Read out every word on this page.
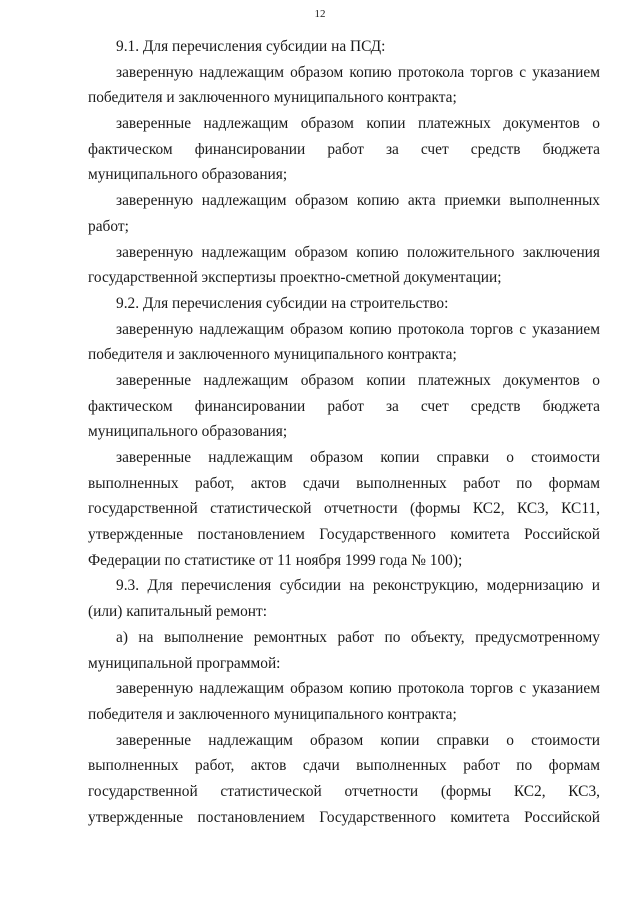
12
9.1. Для перечисления субсидии на ПСД:
заверенную надлежащим образом копию протокола торгов с указанием
победителя и заключенного муниципального контракта;
заверенные надлежащим образом копии платежных документов о
фактическом финансировании работ за счет средств бюджета
муниципального образования;
заверенную надлежащим образом копию акта приемки выполненных
работ;
заверенную надлежащим образом копию положительного заключения
государственной экспертизы проектно-сметной документации;
9.2. Для перечисления субсидии на строительство:
заверенную надлежащим образом копию протокола торгов с указанием
победителя и заключенного муниципального контракта;
заверенные надлежащим образом копии платежных документов о
фактическом финансировании работ за счет средств бюджета
муниципального образования;
заверенные надлежащим образом копии справки о стоимости
выполненных работ, актов сдачи выполненных работ по формам
государственной статистической отчетности (формы КС2, КС3, КС11,
утвержденные постановлением Государственного комитета Российской
Федерации по статистике от 11 ноября 1999 года № 100);
9.3. Для перечисления субсидии на реконструкцию, модернизацию и
(или) капитальный ремонт:
а) на выполнение ремонтных работ по объекту, предусмотренному
муниципальной программой:
заверенную надлежащим образом копию протокола торгов с указанием
победителя и заключенного муниципального контракта;
заверенные надлежащим образом копии справки о стоимости
выполненных работ, актов сдачи выполненных работ по формам
государственной статистической отчетности (формы КС2, КС3,
утвержденные постановлением Государственного комитета Российской
